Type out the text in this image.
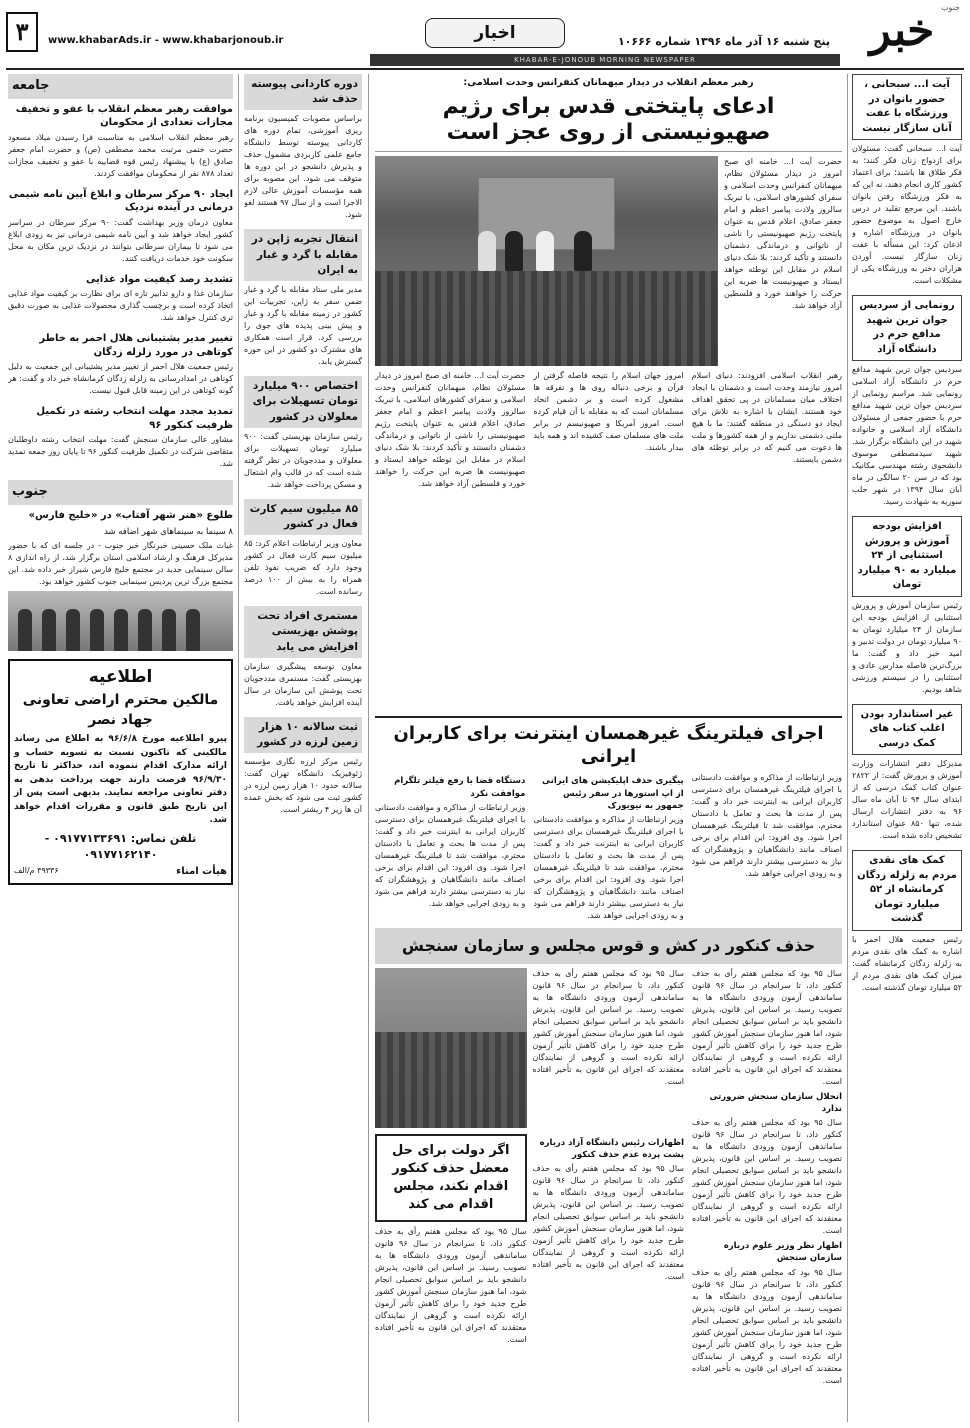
خبر جنوب
پنج شنبه ۱۶ آذر ماه ۱۳۹۶ شماره ۱۰۶۶۶
اخبار
www.khabarAds.ir - www.khabarjonoub.ir
۳
KHABAR-E-JONOUB MORNING NEWSPAPER
آیت ا... سبحانی ، حضور بانوان در ورزشگاه با عفت آنان سازگار نیست
آیت ا... سبحانی گفت: مسئولان برای ازدواج زنان فکر کنند؛ به فکر طلاق ها باشند؛ برای اعتماد کشور کاری انجام دهند، نه این که به فکر ورزشگاه رفتن بانوان باشند. این مرجع تقلید در درس خارج اصول به موضوع حضور بانوان در ورزشگاه اشاره و اذعان کرد: این مسأله با عفت زنان سازگار نیست. آوردن هزاران دختر به ورزشگاه یکی از مشکلات است.
رونمایی از سردیس جوان ترین شهید مدافع حرم در دانشگاه آزاد
سردیس جوان ترین شهید مدافع حرم در دانشگاه آزاد اسلامی رونمایی شد. مراسم رونمایی از سردیس جوان ترین شهید مدافع حرم با حضور جمعی از مسئولان دانشگاه آزاد اسلامی و خانواده شهید در این دانشگاه برگزار شد. شهید سیدمصطفی موسوی دانشجوی رشته مهندسی مکانیک بود که در سن ۲۰ سالگی در ماه آبان سال ۱۳۹۴ در شهر حلب سوریه به شهادت رسید.
افزایش بودجه آموزش و پرورش استثنایی از ۲۴ میلیارد به ۹۰ میلیارد تومان
رئیس سازمان آموزش و پرورش استثنایی از افزایش بودجه این سازمان از ۲۴ میلیارد تومان به ۹۰ میلیارد تومان در دولت تدبیر و امید خبر داد و گفت: ما بزرگ‌ترین فاصله مدارس عادی و استثنایی را در سیستم ورزشی شاهد بودیم.
غیر استاندارد بودن اغلب کتاب های کمک درسی
مدیرکل دفتر انتشارات وزارت آموزش و پرورش گفت: از ۲۸۲۲ عنوان کتاب کمک درسی که از ابتدای سال ۹۴ تا آبان ماه سال ۹۶ به دفتر انتشارات ارسال شده، تنها ۸۵۰ عنوان استاندارد تشخیص داده شده است.
کمک های نقدی مردم به زلزله زدگان کرمانشاه از ۵۲ میلیارد تومان گذشت
رئیس جمعیت هلال احمر با اشاره به کمک های نقدی مردم به زلزله زدگان کرمانشاه گفت: میزان کمک های نقدی مردم از ۵۲ میلیارد تومان گذشته است.
رهبر معظم انقلاب در دیدار میهمانان کنفرانس وحدت اسلامی:
ادعای پایتختی قدس برای رژیم صهیونیستی از روی عجز است
حضرت آیت ا... خامنه ای صبح امروز در دیدار مسئولان نظام، میهمانان کنفرانس وحدت اسلامی و سفرای کشورهای اسلامی، با تبریک سالروز ولادت پیامبر اعظم و امام جعفر صادق، اعلام قدس به عنوان پایتخت رژیم صهیونیستی را ناشی از ناتوانی و درماندگی دشمنان دانستند و تأکید کردند: بلا شک دنیای اسلام در مقابل این توطئه خواهد ایستاد و صهیونیست ها ضربه این حرکت را خواهند خورد و فلسطین آزاد خواهد شد.
رهبر انقلاب اسلامی افزودند: دنیای اسلام امروز نیازمند وحدت است و دشمنان با ایجاد اختلاف میان مسلمانان در پی تحقق اهداف خود هستند. ایشان با اشاره به تلاش برای ایجاد دو دستگی در منطقه گفتند: ما با هیچ ملتی دشمنی نداریم و از همه کشورها و ملت ها دعوت می کنیم که در برابر توطئه های دشمن بایستند.
امروز جهان اسلام را نتیجه فاصله گرفتن از قرآن و برخی دنباله روی ها و تفرقه ها مشغول کرده است و بر دشمن اتحاد مسلمانان است که به مقابله با آن قیام کرده است. امروز آمریکا و صهیونیسم در برابر ملت های مسلمان صف کشیده اند و همه باید بیدار باشند.
حضرت آیت ا... خامنه ای صبح امروز در دیدار مسئولان نظام، میهمانان کنفرانس وحدت اسلامی و سفرای کشورهای اسلامی، با تبریک سالروز ولادت پیامبر اعظم و امام جعفر صادق، اعلام قدس به عنوان پایتخت رژیم صهیونیستی را ناشی از ناتوانی و درماندگی دشمنان دانستند و تأکید کردند: بلا شک دنیای اسلام در مقابل این توطئه خواهد ایستاد و صهیونیست ها ضربه این حرکت را خواهند خورد و فلسطین آزاد خواهد شد.
اجرای فیلترینگ غیرهمسان اینترنت برای کاربران ایرانی
وزیر ارتباطات از مذاکره و موافقت دادستانی با اجرای فیلترینگ غیرهمسان برای دسترسی کاربران ایرانی به اینترنت خبر داد و گفت: پس از مدت ها بحث و تعامل با دادستان محترم، موافقت شد تا فیلترینگ غیرهمسان اجرا شود. وی افزود: این اقدام برای برخی اصناف مانند دانشگاهیان و پژوهشگران که نیاز به دسترسی بیشتر دارند فراهم می شود و به زودی اجرایی خواهد شد.
پیگیری حذف اپلیکیشن های ایرانی از اپ استورها در سفر رئیس جمهور به نیویورک
وزیر ارتباطات از مذاکره و موافقت دادستانی با اجرای فیلترینگ غیرهمسان برای دسترسی کاربران ایرانی به اینترنت خبر داد و گفت: پس از مدت ها بحث و تعامل با دادستان محترم، موافقت شد تا فیلترینگ غیرهمسان اجرا شود. وی افزود: این اقدام برای برخی اصناف مانند دانشگاهیان و پژوهشگران که نیاز به دسترسی بیشتر دارند فراهم می شود و به زودی اجرایی خواهد شد.
دستگاه قضا با رفع فیلتر تلگرام موافقت نکرد
وزیر ارتباطات از مذاکره و موافقت دادستانی با اجرای فیلترینگ غیرهمسان برای دسترسی کاربران ایرانی به اینترنت خبر داد و گفت: پس از مدت ها بحث و تعامل با دادستان محترم، موافقت شد تا فیلترینگ غیرهمسان اجرا شود. وی افزود: این اقدام برای برخی اصناف مانند دانشگاهیان و پژوهشگران که نیاز به دسترسی بیشتر دارند فراهم می شود و به زودی اجرایی خواهد شد.
حذف کنکور در کش و قوس مجلس و سازمان سنجش
سال ۹۵ بود که مجلس هفتم رأی به حذف کنکور داد، تا سرانجام در سال ۹۶ قانون ساماندهی آزمون ورودی دانشگاه ها به تصویب رسید. بر اساس این قانون، پذیرش دانشجو باید بر اساس سوابق تحصیلی انجام شود، اما هنوز سازمان سنجش آموزش کشور طرح جدید خود را برای کاهش تأثیر آزمون ارائه نکرده است و گروهی از نمایندگان معتقدند که اجرای این قانون به تأخیر افتاده است.
انحلال سازمان سنجش ضرورتی ندارد
سال ۹۵ بود که مجلس هفتم رأی به حذف کنکور داد، تا سرانجام در سال ۹۶ قانون ساماندهی آزمون ورودی دانشگاه ها به تصویب رسید. بر اساس این قانون، پذیرش دانشجو باید بر اساس سوابق تحصیلی انجام شود، اما هنوز سازمان سنجش آموزش کشور طرح جدید خود را برای کاهش تأثیر آزمون ارائه نکرده است و گروهی از نمایندگان معتقدند که اجرای این قانون به تأخیر افتاده است.
اظهار نظر وزیر علوم درباره سازمان سنجش
سال ۹۵ بود که مجلس هفتم رأی به حذف کنکور داد، تا سرانجام در سال ۹۶ قانون ساماندهی آزمون ورودی دانشگاه ها به تصویب رسید. بر اساس این قانون، پذیرش دانشجو باید بر اساس سوابق تحصیلی انجام شود، اما هنوز سازمان سنجش آموزش کشور طرح جدید خود را برای کاهش تأثیر آزمون ارائه نکرده است و گروهی از نمایندگان معتقدند که اجرای این قانون به تأخیر افتاده است.
سال ۹۵ بود که مجلس هفتم رأی به حذف کنکور داد، تا سرانجام در سال ۹۶ قانون ساماندهی آزمون ورودی دانشگاه ها به تصویب رسید. بر اساس این قانون، پذیرش دانشجو باید بر اساس سوابق تحصیلی انجام شود، اما هنوز سازمان سنجش آموزش کشور طرح جدید خود را برای کاهش تأثیر آزمون ارائه نکرده است و گروهی از نمایندگان معتقدند که اجرای این قانون به تأخیر افتاده است.
اظهارات رئیس دانشگاه آزاد درباره پشت پرده عدم حذف کنکور
سال ۹۵ بود که مجلس هفتم رأی به حذف کنکور داد، تا سرانجام در سال ۹۶ قانون ساماندهی آزمون ورودی دانشگاه ها به تصویب رسید. بر اساس این قانون، پذیرش دانشجو باید بر اساس سوابق تحصیلی انجام شود، اما هنوز سازمان سنجش آموزش کشور طرح جدید خود را برای کاهش تأثیر آزمون ارائه نکرده است و گروهی از نمایندگان معتقدند که اجرای این قانون به تأخیر افتاده است.
اگر دولت برای حل معضل حذف کنکور اقدام نکند، مجلس اقدام می کند
سال ۹۵ بود که مجلس هفتم رأی به حذف کنکور داد، تا سرانجام در سال ۹۶ قانون ساماندهی آزمون ورودی دانشگاه ها به تصویب رسید. بر اساس این قانون، پذیرش دانشجو باید بر اساس سوابق تحصیلی انجام شود، اما هنوز سازمان سنجش آموزش کشور طرح جدید خود را برای کاهش تأثیر آزمون ارائه نکرده است و گروهی از نمایندگان معتقدند که اجرای این قانون به تأخیر افتاده است.
دوره کاردانی پیوسته حذف شد
براساس مصوبات کمیسیون برنامه ریزی آموزشی، تمام دوره های کاردانی پیوسته توسط دانشگاه جامع علمی کاربردی مشمول حذف و پذیرش دانشجو در این دوره ها متوقف می شود. این مصوبه برای همه مؤسسات آموزش عالی لازم الاجرا است و از سال ۹۷ هستند لغو شود.
انتقال تجربه ژاپن در مقابله با گرد و غبار به ایران
مدیر ملی ستاد مقابله با گرد و غبار ضمن سفر به ژاپن، تجربیات این کشور در زمینه مقابله با گرد و غبار و پیش بینی پدیده های جوی را بررسی کرد. قرار است همکاری های مشترک دو کشور در این حوزه گسترش یابد.
اختصاص ۹۰۰ میلیارد تومان تسهیلات برای معلولان در کشور
رئیس سازمان بهزیستی گفت: ۹۰۰ میلیارد تومان تسهیلات برای معلولان و مددجویان در نظر گرفته شده است که در قالب وام اشتغال و مسکن پرداخت خواهد شد.
۸۵ میلیون سیم کارت فعال در کشور
معاون وزیر ارتباطات اعلام کرد: ۸۵ میلیون سیم کارت فعال در کشور وجود دارد که ضریب نفوذ تلفن همراه را به بیش از ۱۰۰ درصد رسانده است.
مستمری افراد تحت پوشش بهزیستی افزایش می یابد
معاون توسعه پیشگیری سازمان بهزیستی گفت: مستمری مددجویان تحت پوشش این سازمان در سال آینده افزایش خواهد یافت.
ثبت سالانه ۱۰ هزار زمین لرزه در کشور
رئیس مرکز لرزه نگاری مؤسسه ژئوفیزیک دانشگاه تهران گفت: سالانه حدود ۱۰ هزار زمین لرزه در کشور ثبت می شود که بخش عمده آن ها زیر ۴ ریشتر است.
جامعه
موافقت رهبر معظم انقلاب با عفو و تخفیف مجازات تعدادی از محکومان
رهبر معظم انقلاب اسلامی به مناسبت فرا رسیدن میلاد مسعود حضرت ختمی مرتبت محمد مصطفی (ص) و حضرت امام جعفر صادق (ع) با پیشنهاد رئیس قوه قضاییه با عفو و تخفیف مجازات تعداد ۸۷۸ نفر از محکومان موافقت کردند.
ایجاد ۹۰ مرکز سرطان و ابلاغ آیین نامه شیمی درمانی در آینده نزدیک
معاون درمان وزیر بهداشت گفت: ۹۰ مرکز سرطان در سراسر کشور ایجاد خواهد شد و آیین نامه شیمی درمانی نیز به زودی ابلاغ می شود تا بیماران سرطانی بتوانند در نزدیک ترین مکان به محل سکونت خود خدمات دریافت کنند.
تشدید رصد کیفیت مواد غذایی
سازمان غذا و دارو تدابیر تازه ای برای نظارت بر کیفیت مواد غذایی اتخاذ کرده است و برچسب گذاری محصولات غذایی به صورت دقیق تری کنترل خواهد شد.
تغییر مدیر پشتیبانی هلال احمر به خاطر کوتاهی در مورد زلزله زدگان
رئیس جمعیت هلال احمر از تغییر مدیر پشتیبانی این جمعیت به دلیل کوتاهی در امدادرسانی به زلزله زدگان کرمانشاه خبر داد و گفت: هر گونه کوتاهی در این زمینه قابل قبول نیست.
تمدید مجدد مهلت انتخاب رشته در تکمیل ظرفیت کنکور ۹۶
مشاور عالی سازمان سنجش گفت: مهلت انتخاب رشته داوطلبان متقاضی شرکت در تکمیل ظرفیت کنکور ۹۶ تا پایان روز جمعه تمدید شد.
جنوب
طلوع «هنر شهر آفتاب» در «خلیج فارس»
۸ سینما به سینماهای شهر اضافه شد
غیاث ملک حسینی خبرنگار خبر جنوب - در جلسه ای که با حضور مدیرکل فرهنگ و ارشاد اسلامی استان برگزار شد، از راه اندازی ۸ سالن سینمایی جدید در مجتمع خلیج فارس شیراز خبر داده شد. این مجتمع بزرگ ترین پردیس سینمایی جنوب کشور خواهد بود.
اطلاعیه
مالکین محترم اراضی تعاونی جهاد نصر
پیرو اطلاعیه مورخ ۹۶/۶/۸ به اطلاع می رساند مالکینی که تاکنون نسبت به تسویه حساب و ارائه مدارک اقدام ننموده اند، حداکثر تا تاریخ ۹۶/۹/۳۰ فرصت دارند جهت پرداخت بدهی به دفتر تعاونی مراجعه نمایند. بدیهی است پس از این تاریخ طبق قانون و مقررات اقدام خواهد شد.
تلفن تماس: ۰۹۱۷۷۱۳۳۶۹۱ - ۰۹۱۷۷۱۶۲۱۴۰
هیأت امناء
۳۹۳۳۶ م/الف
